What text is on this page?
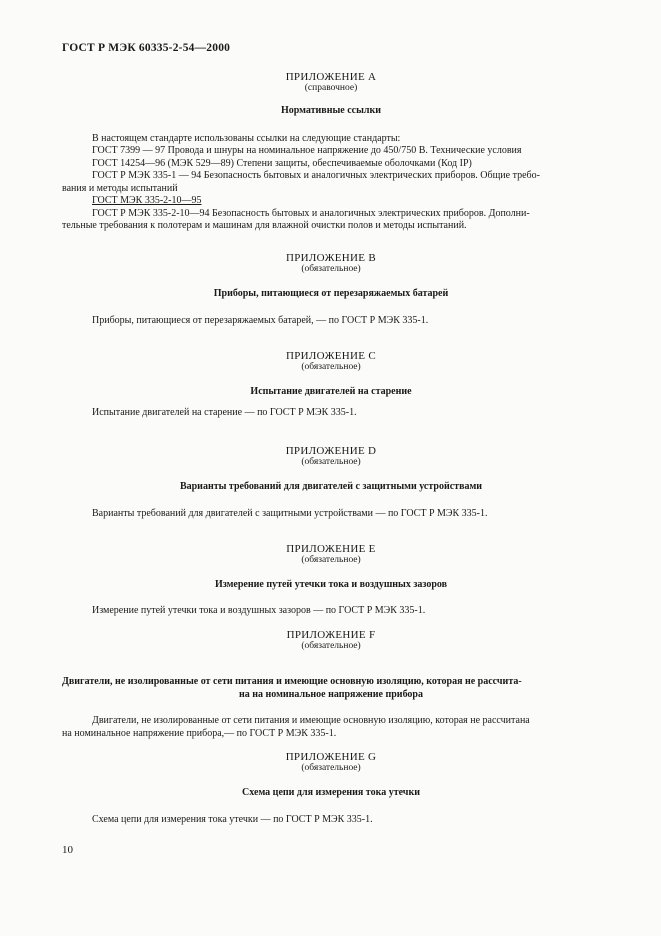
ГОСТ Р МЭК 60335-2-54—2000
ПРИЛОЖЕНИЕ А
(справочное)
Нормативные ссылки
В настоящем стандарте использованы ссылки на следующие стандарты:
ГОСТ 7399 — 97 Провода и шнуры на номинальное напряжение до 450/750 В. Технические условия
ГОСТ 14254—96 (МЭК 529—89) Степени защиты, обеспечиваемые оболочками (Код IP)
ГОСТ Р МЭК 335-1 — 94 Безопасность бытовых и аналогичных электрических приборов. Общие требо-
вания и методы испытаний
ГОСТ МЭК 335-2-10—95
ГОСТ Р МЭК 335-2-10—94 Безопасность бытовых и аналогичных электрических приборов. Дополни-
тельные требования к полотерам и машинам для влажной очистки полов и методы испытаний.
ПРИЛОЖЕНИЕ В
(обязательное)
Приборы, питающиеся от перезаряжаемых батарей
Приборы, питающиеся от перезаряжаемых батарей, — по ГОСТ Р МЭК 335-1.
ПРИЛОЖЕНИЕ С
(обязательное)
Испытание двигателей на старение
Испытание двигателей на старение — по ГОСТ Р МЭК 335-1.
ПРИЛОЖЕНИЕ D
(обязательное)
Варианты требований для двигателей с защитными устройствами
Варианты требований для двигателей с защитными устройствами — по ГОСТ Р МЭК 335-1.
ПРИЛОЖЕНИЕ Е
(обязательное)
Измерение путей утечки тока и воздушных зазоров
Измерение путей утечки тока и воздушных зазоров — по ГОСТ Р МЭК 335-1.
ПРИЛОЖЕНИЕ F
(обязательное)
Двигатели, не изолированные от сети питания и имеющие основную изоляцию, которая не рассчита-
на на номинальное напряжение прибора
Двигатели, не изолированные от сети питания и имеющие основную изоляцию, которая не рассчитана
на номинальное напряжение прибора,— по ГОСТ Р МЭК 335-1.
ПРИЛОЖЕНИЕ G
(обязательное)
Схема цепи для измерения тока утечки
Схема цепи для измерения тока утечки — по ГОСТ Р МЭК 335-1.
10
